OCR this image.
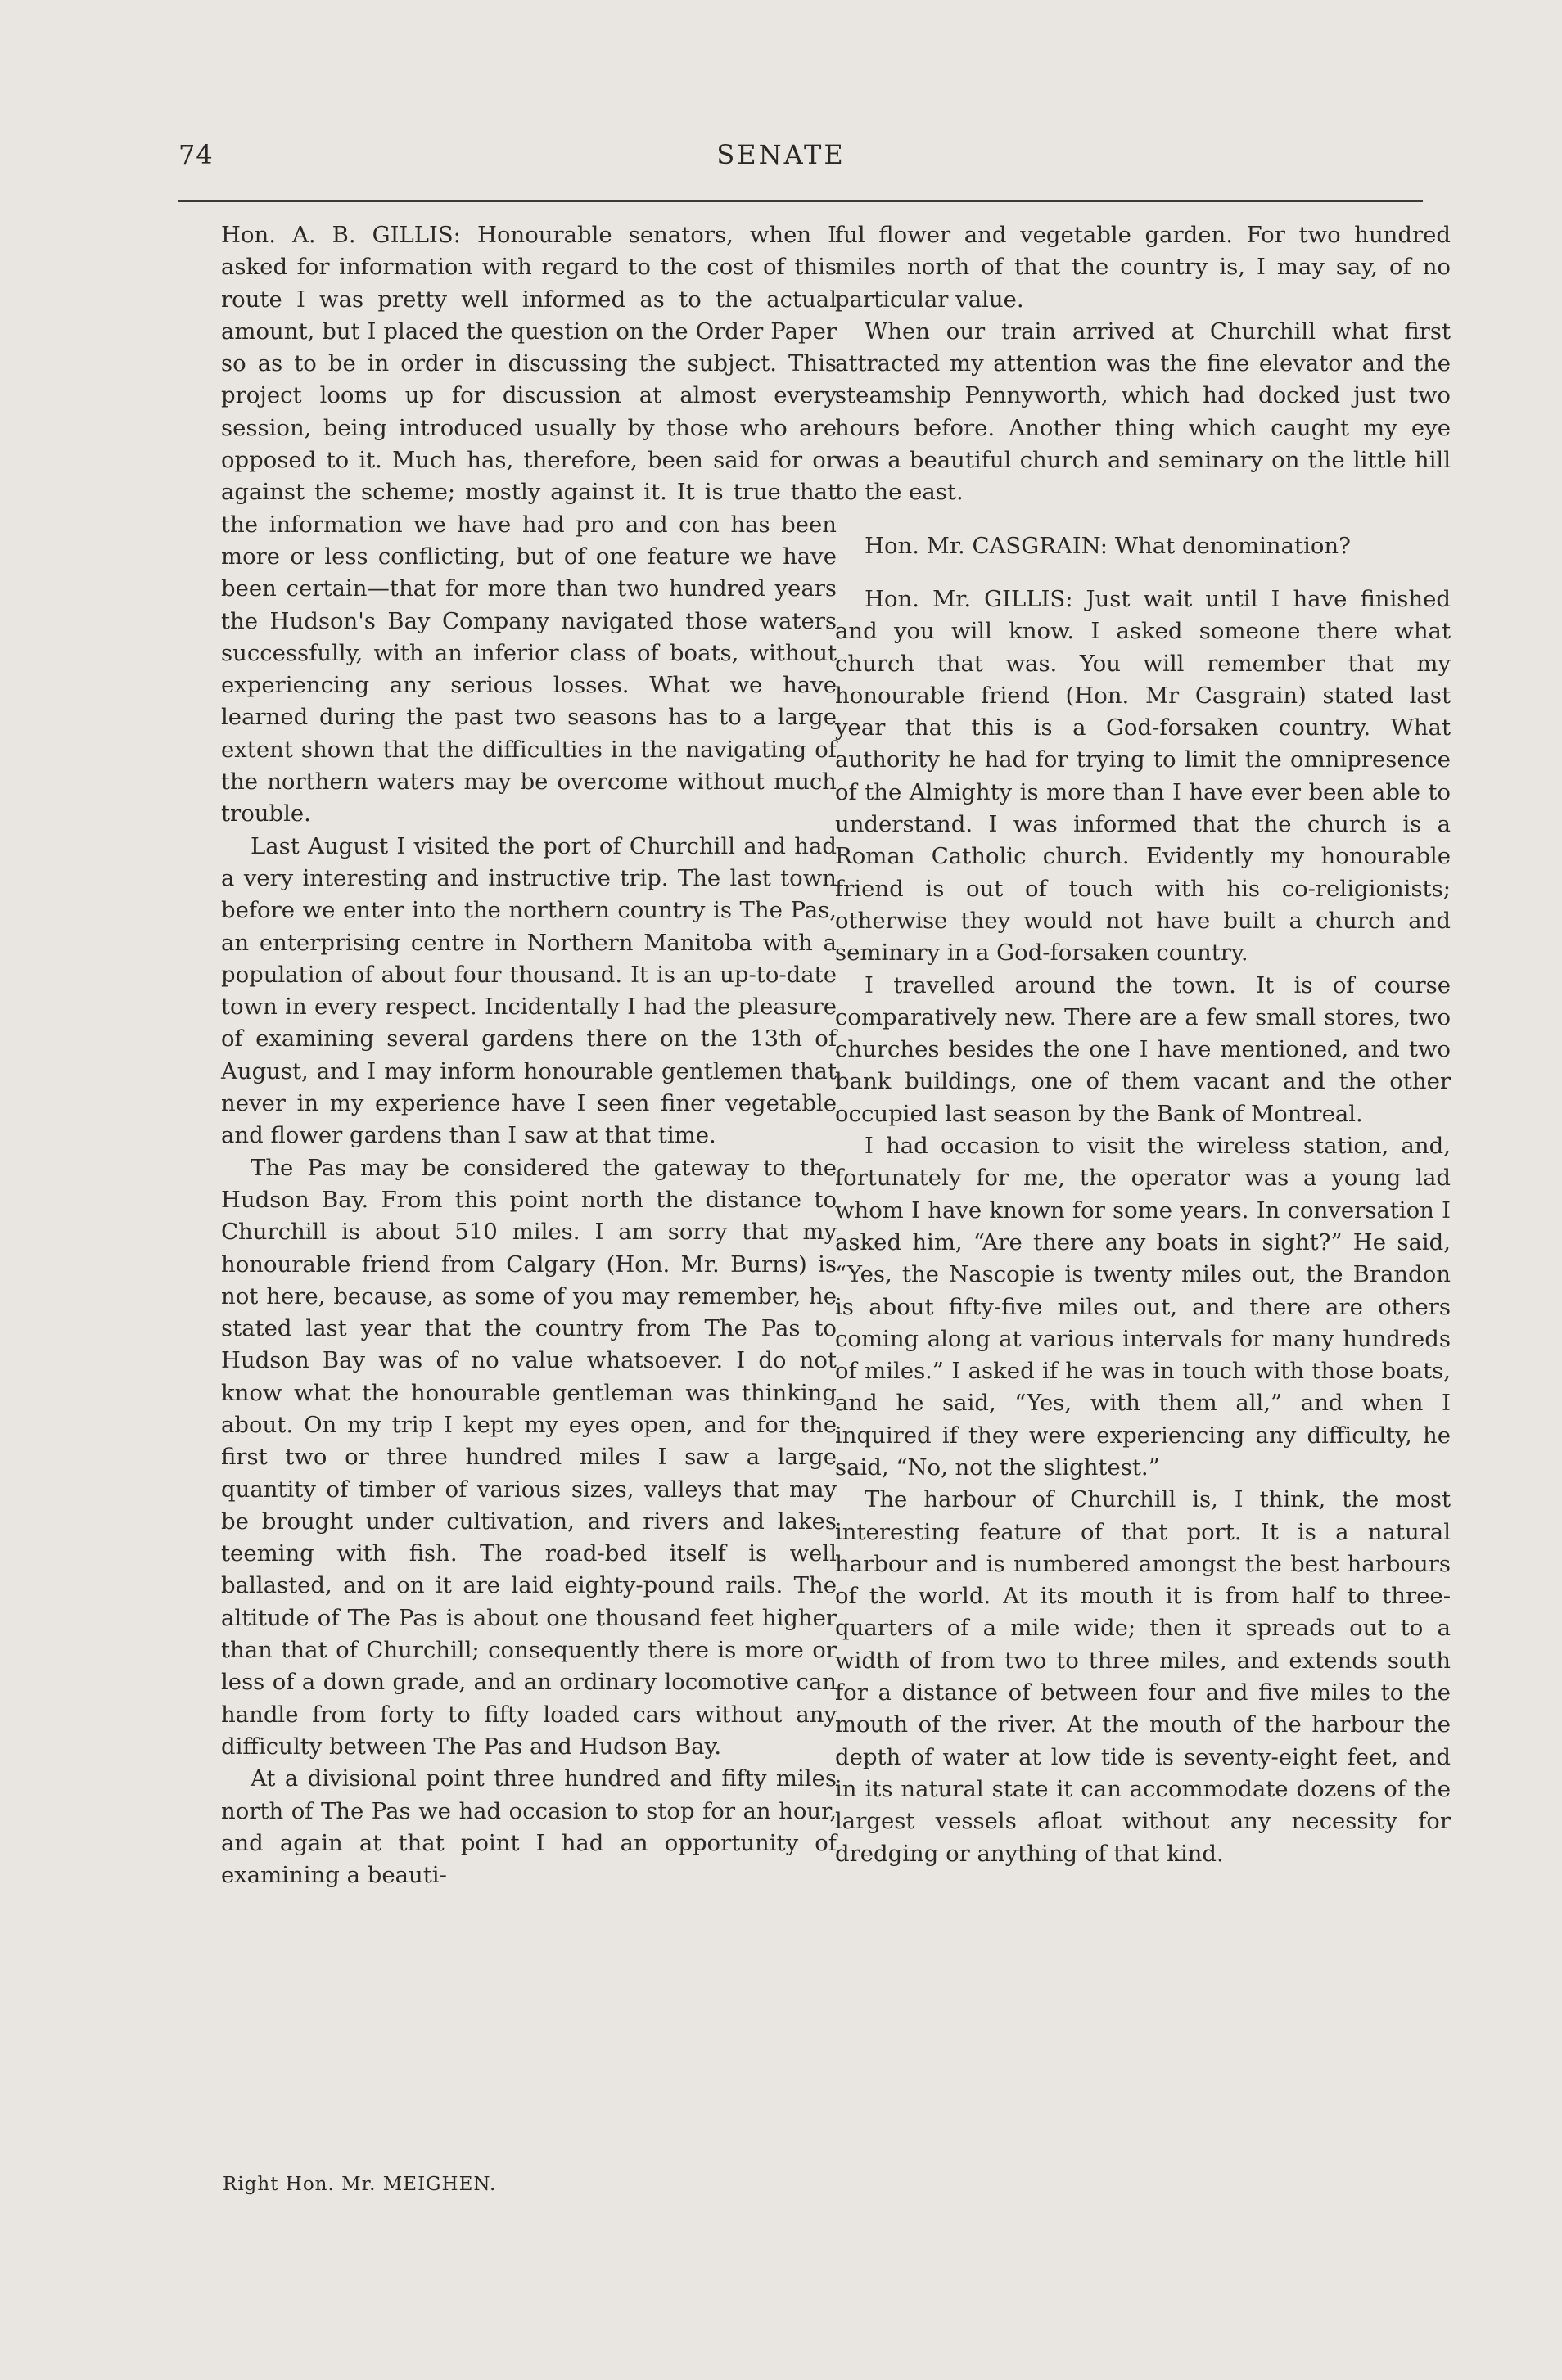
74	SENATE

Hon. A. B. GILLIS: Honourable senators, when I asked for information with regard to the cost of this route I was pretty well informed as to the actual amount, but I placed the question on the Order Paper so as to be in order in discussing the subject. This project looms up for discussion at almost every session, being introduced usually by those who are opposed to it. Much has, therefore, been said for or against the scheme; mostly against it. It is true that the information we have had pro and con has been more or less conflicting, but of one feature we have been certain—that for more than two hundred years the Hudson's Bay Company navigated those waters successfully, with an inferior class of boats, without experiencing any serious losses. What we have learned during the past two seasons has to a large extent shown that the difficulties in the navigating of the northern waters may be overcome without much trouble.

Last August I visited the port of Churchill and had a very interesting and instructive trip. The last town before we enter into the northern country is The Pas, an enterprising centre in Northern Manitoba with a population of about four thousand. It is an up-to-date town in every respect. Incidentally I had the pleasure of examining several gardens there on the 13th of August, and I may inform honourable gentlemen that never in my experience have I seen finer vegetable and flower gardens than I saw at that time.

The Pas may be considered the gateway to the Hudson Bay. From this point north the distance to Churchill is about 510 miles. I am sorry that my honourable friend from Calgary (Hon. Mr. Burns) is not here, because, as some of you may remember, he stated last year that the country from The Pas to Hudson Bay was of no value whatsoever. I do not know what the honourable gentleman was thinking about. On my trip I kept my eyes open, and for the first two or three hundred miles I saw a large quantity of timber of various sizes, valleys that may be brought under cultivation, and rivers and lakes teeming with fish. The road-bed itself is well ballasted, and on it are laid eighty-pound rails. The altitude of The Pas is about one thousand feet higher than that of Churchill; consequently there is more or less of a down grade, and an ordinary locomotive can handle from forty to fifty loaded cars without any difficulty between The Pas and Hudson Bay.

At a divisional point three hundred and fifty miles north of The Pas we had occasion to stop for an hour, and again at that point I had an opportunity of examining a beauti-

ful flower and vegetable garden. For two hundred miles north of that the country is, I may say, of no particular value.

When our train arrived at Churchill what first attracted my attention was the fine elevator and the steamship Pennyworth, which had docked just two hours before. Another thing which caught my eye was a beautiful church and seminary on the little hill to the east.

Hon. Mr. CASGRAIN: What denomination?

Hon. Mr. GILLIS: Just wait until I have finished and you will know. I asked someone there what church that was. You will remember that my honourable friend (Hon. Mr Casgrain) stated last year that this is a God-forsaken country. What authority he had for trying to limit the omnipresence of the Almighty is more than I have ever been able to understand. I was informed that the church is a Roman Catholic church. Evidently my honourable friend is out of touch with his co-religionists; otherwise they would not have built a church and seminary in a God-forsaken country.

I travelled around the town. It is of course comparatively new. There are a few small stores, two churches besides the one I have mentioned, and two bank buildings, one of them vacant and the other occupied last season by the Bank of Montreal.

I had occasion to visit the wireless station, and, fortunately for me, the operator was a young lad whom I have known for some years. In conversation I asked him, “Are there any boats in sight?” He said, “Yes, the Nascopie is twenty miles out, the Brandon is about fifty-five miles out, and there are others coming along at various intervals for many hundreds of miles.” I asked if he was in touch with those boats, and he said, “Yes, with them all,” and when I inquired if they were experiencing any difficulty, he said, “No, not the slightest.”

The harbour of Churchill is, I think, the most interesting feature of that port. It is a natural harbour and is numbered amongst the best harbours of the world. At its mouth it is from half to three-quarters of a mile wide; then it spreads out to a width of from two to three miles, and extends south for a distance of between four and five miles to the mouth of the river. At the mouth of the harbour the depth of water at low tide is seventy-eight feet, and in its natural state it can accommodate dozens of the largest vessels afloat without any necessity for dredging or anything of that kind.

Right Hon. Mr. MEIGHEN.
